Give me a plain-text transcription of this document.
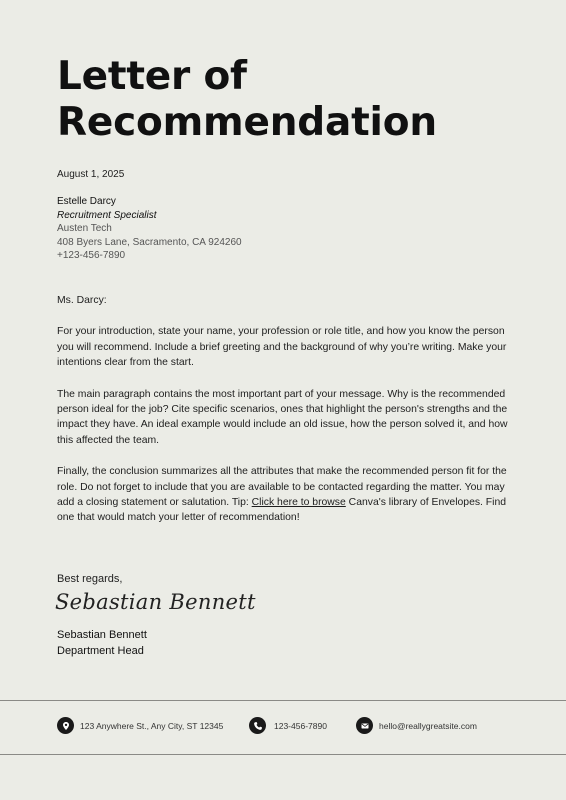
Letter of
Recommendation
August 1, 2025
Estelle Darcy
Recruitment Specialist
Austen Tech
408 Byers Lane, Sacramento, CA 924260
+123-456-7890

Ms. Darcy:

For your introduction, state your name, your profession or role title, and how you know the person you will recommend. Include a brief greeting and the background of why you’re writing. Make your intentions clear from the start.

The main paragraph contains the most important part of your message. Why is the recommended person ideal for the job? Cite specific scenarios, ones that highlight the person's strengths and the impact they have. An ideal example would include an old issue, how the person solved it, and how this affected the team.

Finally, the conclusion summarizes all the attributes that make the recommended person fit for the role. Do not forget to include that you are available to be contacted regarding the matter. You may add a closing statement or salutation. Tip: Click here to browse Canva's library of Envelopes. Find one that would match your letter of recommendation!

Best regards,
Sebastian Bennett
Sebastian Bennett
Department Head
123 Anywhere St., Any City, ST 12345	123-456-7890	hello@reallygreatsite.com
